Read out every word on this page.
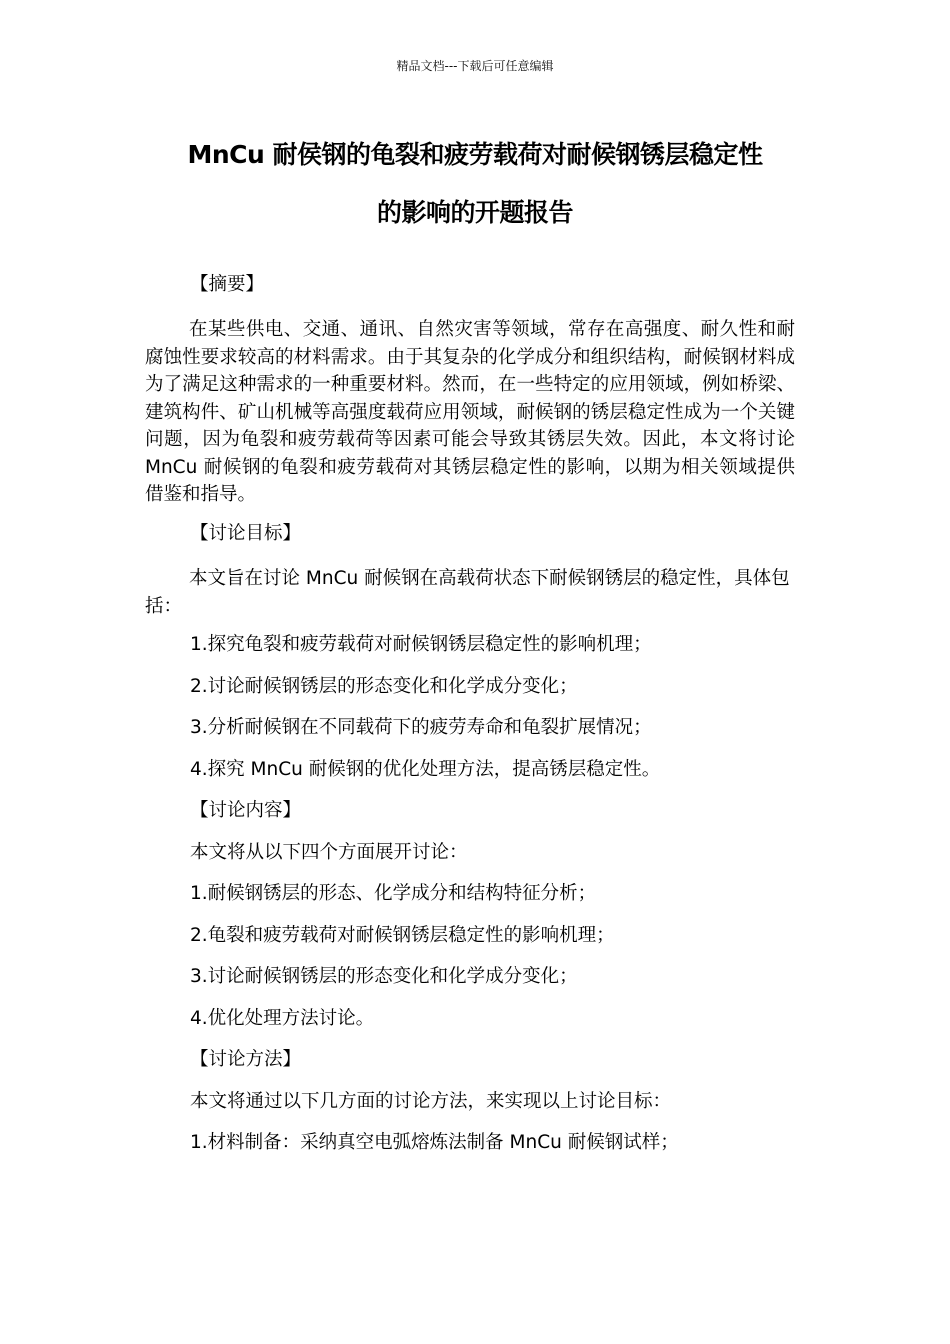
精品文档---下载后可任意编辑
MnCu 耐侯钢的龟裂和疲劳载荷对耐候钢锈层稳定性
的影响的开题报告

【摘要】

在某些供电、交通、通讯、自然灾害等领域，常存在高强度、耐久性和耐腐蚀性要求较高的材料需求。由于其复杂的化学成分和组织结构，耐候钢材料成为了满足这种需求的一种重要材料。然而，在一些特定的应用领域，例如桥梁、建筑构件、矿山机械等高强度载荷应用领域，耐候钢的锈层稳定性成为一个关键问题，因为龟裂和疲劳载荷等因素可能会导致其锈层失效。因此，本文将讨论 MnCu 耐候钢的龟裂和疲劳载荷对其锈层稳定性的影响，以期为相关领域提供借鉴和指导。

【讨论目标】

本文旨在讨论 MnCu 耐候钢在高载荷状态下耐候钢锈层的稳定性，具体包括：

1.探究龟裂和疲劳载荷对耐候钢锈层稳定性的影响机理；

2.讨论耐候钢锈层的形态变化和化学成分变化；

3.分析耐候钢在不同载荷下的疲劳寿命和龟裂扩展情况；

4.探究 MnCu 耐候钢的优化处理方法，提高锈层稳定性。

【讨论内容】

本文将从以下四个方面展开讨论：

1.耐候钢锈层的形态、化学成分和结构特征分析；

2.龟裂和疲劳载荷对耐候钢锈层稳定性的影响机理；

3.讨论耐候钢锈层的形态变化和化学成分变化；

4.优化处理方法讨论。

【讨论方法】

本文将通过以下几方面的讨论方法，来实现以上讨论目标：

1.材料制备：采纳真空电弧熔炼法制备 MnCu 耐候钢试样；
